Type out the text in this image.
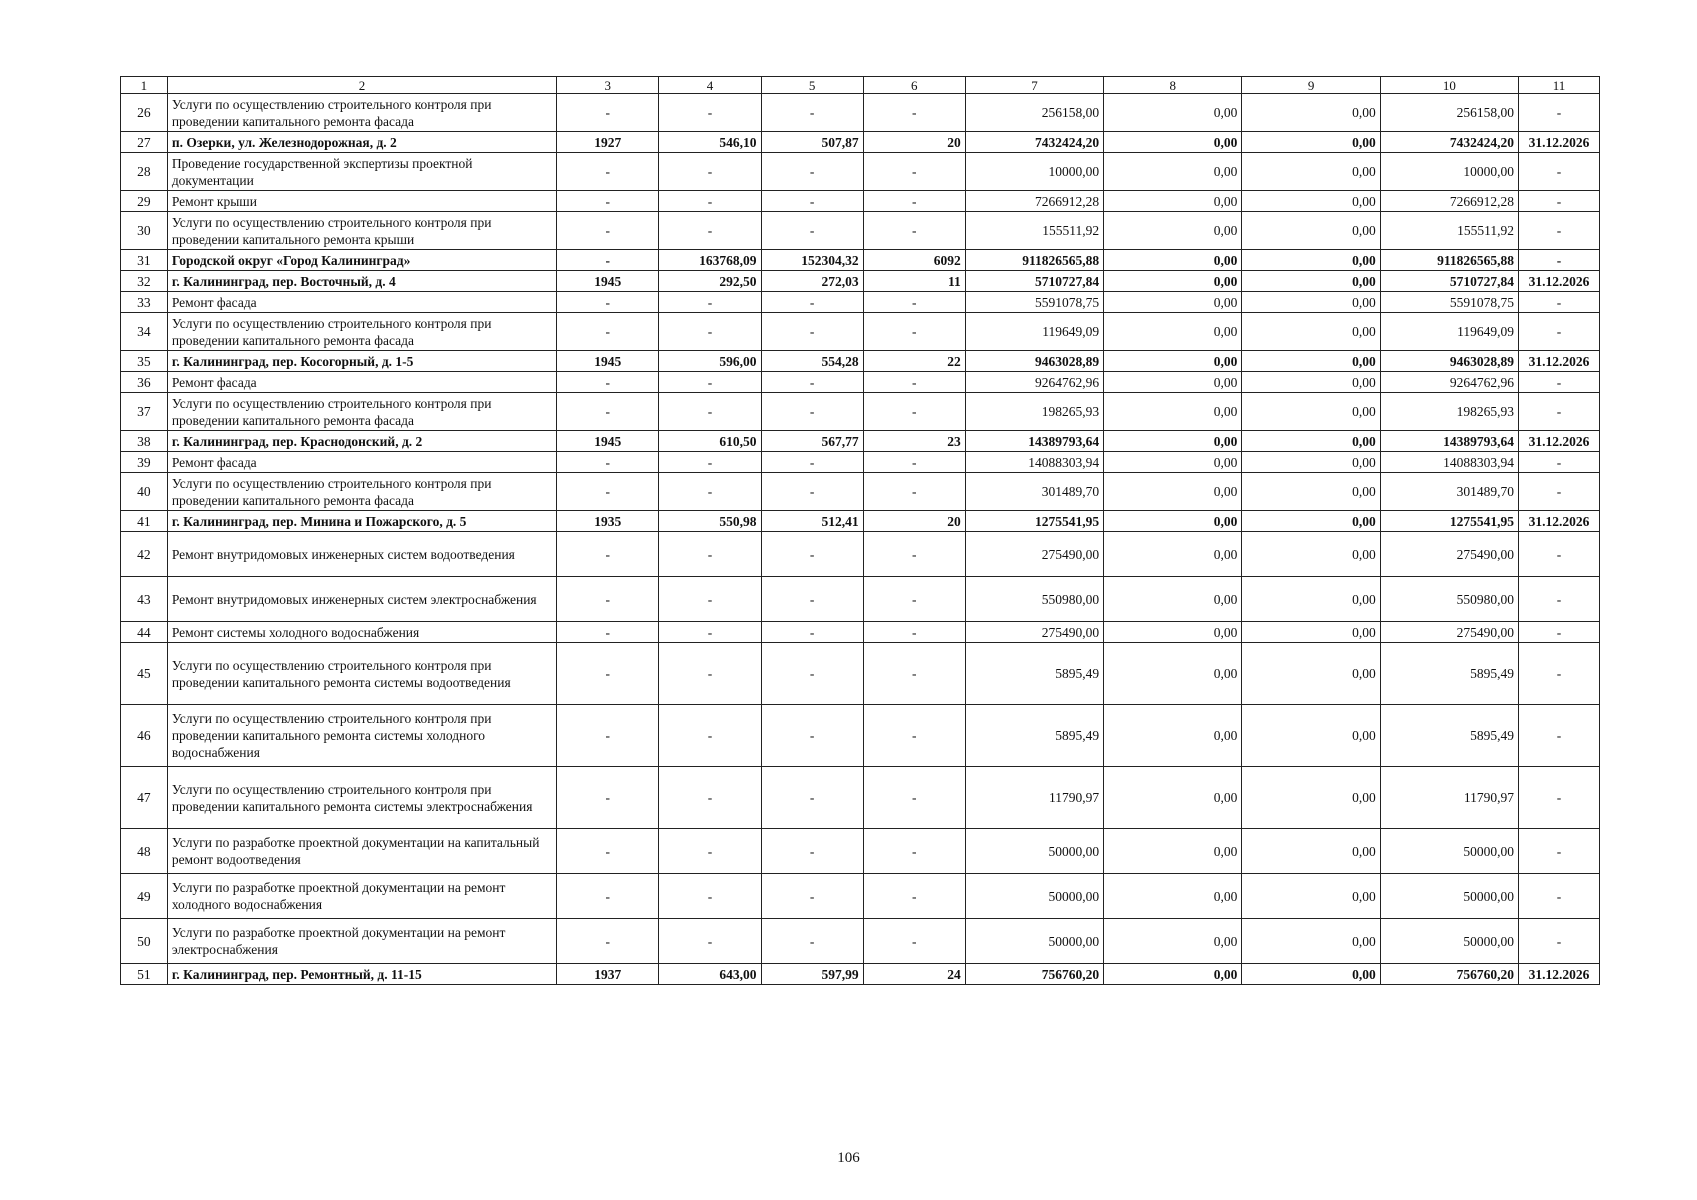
1	2	3	4	5	6	7	8	9	10	11
26	Услуги по осуществлению строительного контроля при проведении капитального ремонта фасада	-	-	-	-	256158,00	0,00	0,00	256158,00	-
27	п. Озерки, ул. Железнодорожная, д. 2	1927	546,10	507,87	20	7432424,20	0,00	0,00	7432424,20	31.12.2026
28	Проведение государственной экспертизы проектной документации	-	-	-	-	10000,00	0,00	0,00	10000,00	-
29	Ремонт крыши	-	-	-	-	7266912,28	0,00	0,00	7266912,28	-
30	Услуги по осуществлению строительного контроля при проведении капитального ремонта крыши	-	-	-	-	155511,92	0,00	0,00	155511,92	-
31	Городской округ «Город Калининград»	-	163768,09	152304,32	6092	911826565,88	0,00	0,00	911826565,88	-
32	г. Калининград, пер. Восточный, д. 4	1945	292,50	272,03	11	5710727,84	0,00	0,00	5710727,84	31.12.2026
33	Ремонт фасада	-	-	-	-	5591078,75	0,00	0,00	5591078,75	-
34	Услуги по осуществлению строительного контроля при проведении капитального ремонта фасада	-	-	-	-	119649,09	0,00	0,00	119649,09	-
35	г. Калининград, пер. Косогорный, д. 1-5	1945	596,00	554,28	22	9463028,89	0,00	0,00	9463028,89	31.12.2026
36	Ремонт фасада	-	-	-	-	9264762,96	0,00	0,00	9264762,96	-
37	Услуги по осуществлению строительного контроля при проведении капитального ремонта фасада	-	-	-	-	198265,93	0,00	0,00	198265,93	-
38	г. Калининград, пер. Краснодонский, д. 2	1945	610,50	567,77	23	14389793,64	0,00	0,00	14389793,64	31.12.2026
39	Ремонт фасада	-	-	-	-	14088303,94	0,00	0,00	14088303,94	-
40	Услуги по осуществлению строительного контроля при проведении капитального ремонта фасада	-	-	-	-	301489,70	0,00	0,00	301489,70	-
41	г. Калининград, пер. Минина и Пожарского, д. 5	1935	550,98	512,41	20	1275541,95	0,00	0,00	1275541,95	31.12.2026
42	Ремонт внутридомовых инженерных систем водоотведения	-	-	-	-	275490,00	0,00	0,00	275490,00	-
43	Ремонт внутридомовых инженерных систем электроснабжения	-	-	-	-	550980,00	0,00	0,00	550980,00	-
44	Ремонт системы холодного водоснабжения	-	-	-	-	275490,00	0,00	0,00	275490,00	-
45	Услуги по осуществлению строительного контроля при проведении капитального ремонта системы водоотведения	-	-	-	-	5895,49	0,00	0,00	5895,49	-
46	Услуги по осуществлению строительного контроля при проведении капитального ремонта системы холодного водоснабжения	-	-	-	-	5895,49	0,00	0,00	5895,49	-
47	Услуги по осуществлению строительного контроля при проведении капитального ремонта системы электроснабжения	-	-	-	-	11790,97	0,00	0,00	11790,97	-
48	Услуги по разработке проектной документации на капитальный ремонт водоотведения	-	-	-	-	50000,00	0,00	0,00	50000,00	-
49	Услуги по разработке проектной документации на ремонт холодного водоснабжения	-	-	-	-	50000,00	0,00	0,00	50000,00	-
50	Услуги по разработке проектной документации на ремонт электроснабжения	-	-	-	-	50000,00	0,00	0,00	50000,00	-
51	г. Калининград, пер. Ремонтный, д. 11-15	1937	643,00	597,99	24	756760,20	0,00	0,00	756760,20	31.12.2026
106
